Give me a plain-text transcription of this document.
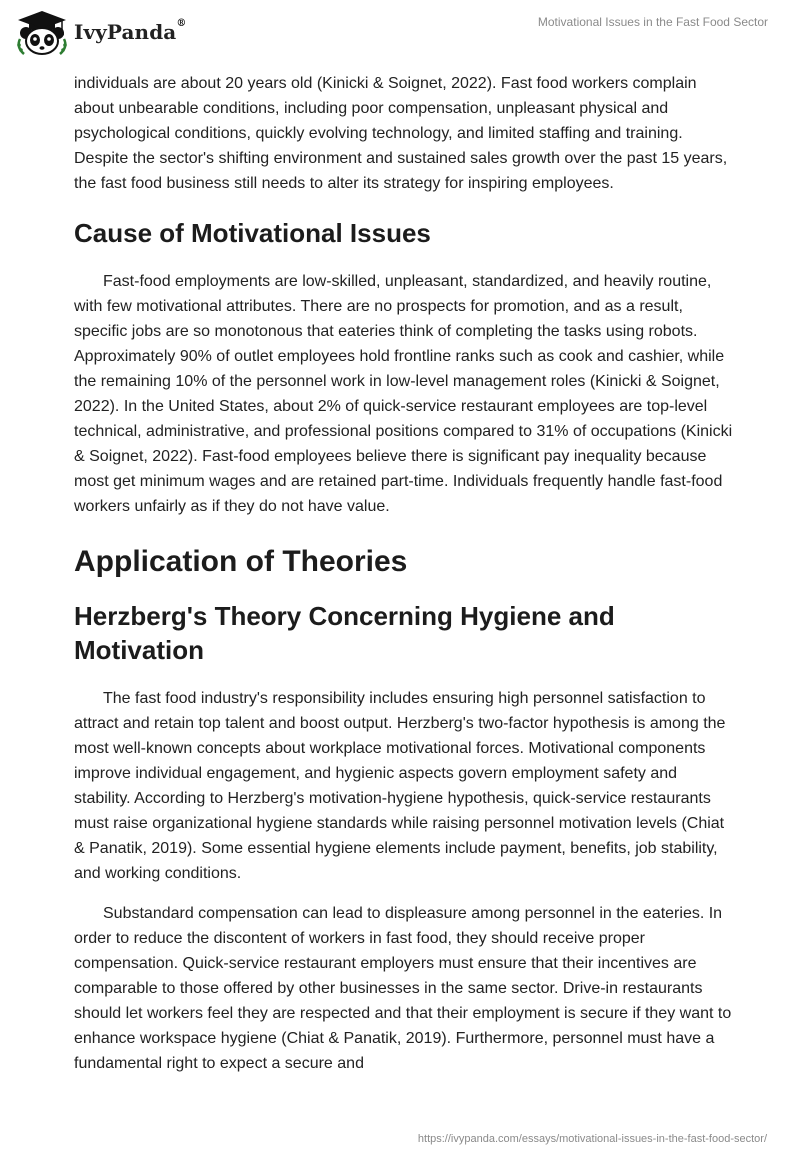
IvyPanda®	Motivational Issues in the Fast Food Sector

individuals are about 20 years old (Kinicki & Soignet, 2022). Fast food workers complain about unbearable conditions, including poor compensation, unpleasant physical and psychological conditions, quickly evolving technology, and limited staffing and training. Despite the sector's shifting environment and sustained sales growth over the past 15 years, the fast food business still needs to alter its strategy for inspiring employees.

Cause of Motivational Issues

Fast-food employments are low-skilled, unpleasant, standardized, and heavily routine, with few motivational attributes. There are no prospects for promotion, and as a result, specific jobs are so monotonous that eateries think of completing the tasks using robots. Approximately 90% of outlet employees hold frontline ranks such as cook and cashier, while the remaining 10% of the personnel work in low-level management roles (Kinicki & Soignet, 2022). In the United States, about 2% of quick-service restaurant employees are top-level technical, administrative, and professional positions compared to 31% of occupations (Kinicki & Soignet, 2022). Fast-food employees believe there is significant pay inequality because most get minimum wages and are retained part-time. Individuals frequently handle fast-food workers unfairly as if they do not have value.

Application of Theories
Herzberg's Theory Concerning Hygiene and Motivation

The fast food industry's responsibility includes ensuring high personnel satisfaction to attract and retain top talent and boost output. Herzberg's two-factor hypothesis is among the most well-known concepts about workplace motivational forces. Motivational components improve individual engagement, and hygienic aspects govern employment safety and stability. According to Herzberg's motivation-hygiene hypothesis, quick-service restaurants must raise organizational hygiene standards while raising personnel motivation levels (Chiat & Panatik, 2019). Some essential hygiene elements include payment, benefits, job stability, and working conditions.

Substandard compensation can lead to displeasure among personnel in the eateries. In order to reduce the discontent of workers in fast food, they should receive proper compensation. Quick-service restaurant employers must ensure that their incentives are comparable to those offered by other businesses in the same sector. Drive-in restaurants should let workers feel they are respected and that their employment is secure if they want to enhance workspace hygiene (Chiat & Panatik, 2019). Furthermore, personnel must have a fundamental right to expect a secure and

https://ivypanda.com/essays/motivational-issues-in-the-fast-food-sector/
